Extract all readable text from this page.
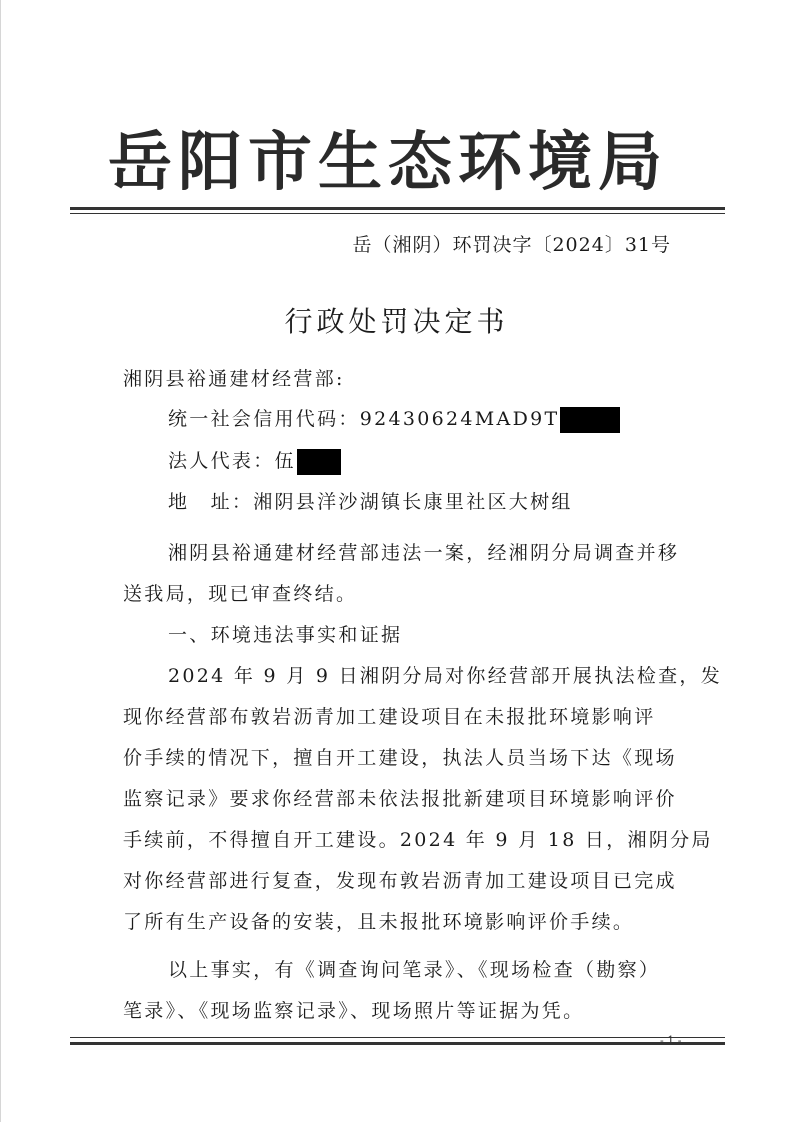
岳阳市生态环境局
岳（湘阴）环罚决字〔2024〕31号
行政处罚决定书
湘阴县裕通建材经营部:
统一社会信用代码：92430624MAD9T
法人代表：伍
地　址：湘阴县洋沙湖镇长康里社区大树组
湘阴县裕通建材经营部违法一案，经湘阴分局调查并移
送我局，现已审查终结。
一、环境违法事实和证据
2024 年 9 月 9 日湘阴分局对你经营部开展执法检查，发
现你经营部布敦岩沥青加工建设项目在未报批环境影响评
价手续的情况下，擅自开工建设，执法人员当场下达《现场
监察记录》要求你经营部未依法报批新建项目环境影响评价
手续前，不得擅自开工建设。2024 年 9 月 18 日，湘阴分局
对你经营部进行复查，发现布敦岩沥青加工建设项目已完成
了所有生产设备的安装，且未报批环境影响评价手续。
以上事实，有《调查询问笔录》、《现场检查（勘察）
笔录》、《现场监察记录》、现场照片等证据为凭。
- 1 -
